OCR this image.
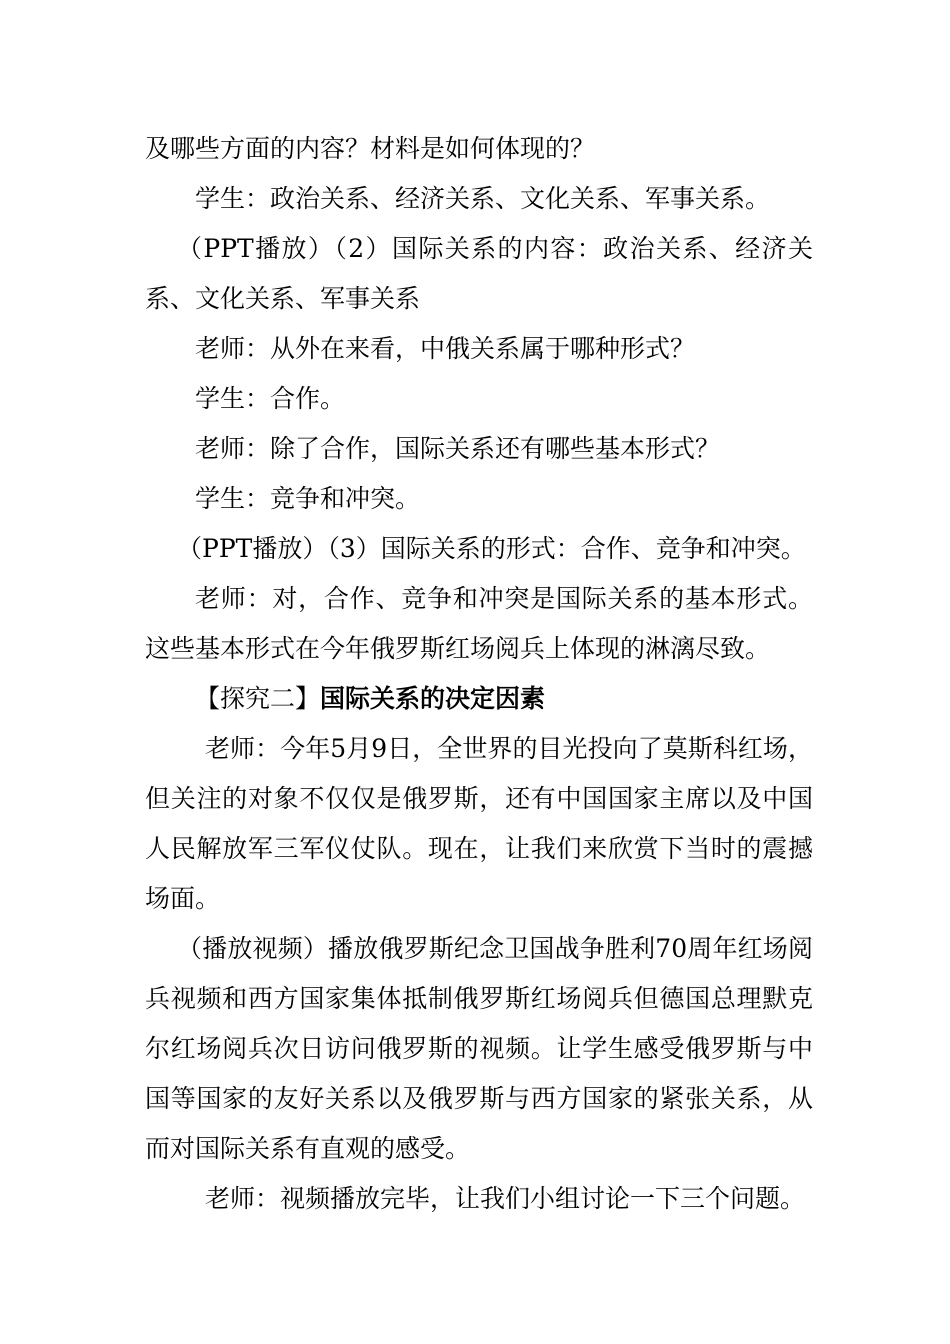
及哪些方面的内容？材料是如何体现的？

学生：政治关系、经济关系、文化关系、军事关系。

（PPT播放）（2）国际关系的内容：政治关系、经济关系、文化关系、军事关系

老师：从外在来看，中俄关系属于哪种形式？

学生：合作。

老师：除了合作，国际关系还有哪些基本形式？

学生：竞争和冲突。

（PPT播放）（3）国际关系的形式：合作、竞争和冲突。

老师：对，合作、竞争和冲突是国际关系的基本形式。这些基本形式在今年俄罗斯红场阅兵上体现的淋漓尽致。

【探究二】国际关系的决定因素

老师：今年5月9日，全世界的目光投向了莫斯科红场，但关注的对象不仅仅是俄罗斯，还有中国国家主席以及中国人民解放军三军仪仗队。现在，让我们来欣赏下当时的震撼场面。

（播放视频）播放俄罗斯纪念卫国战争胜利70周年红场阅兵视频和西方国家集体抵制俄罗斯红场阅兵但德国总理默克尔红场阅兵次日访问俄罗斯的视频。让学生感受俄罗斯与中国等国家的友好关系以及俄罗斯与西方国家的紧张关系，从而对国际关系有直观的感受。

老师：视频播放完毕，让我们小组讨论一下三个问题。
